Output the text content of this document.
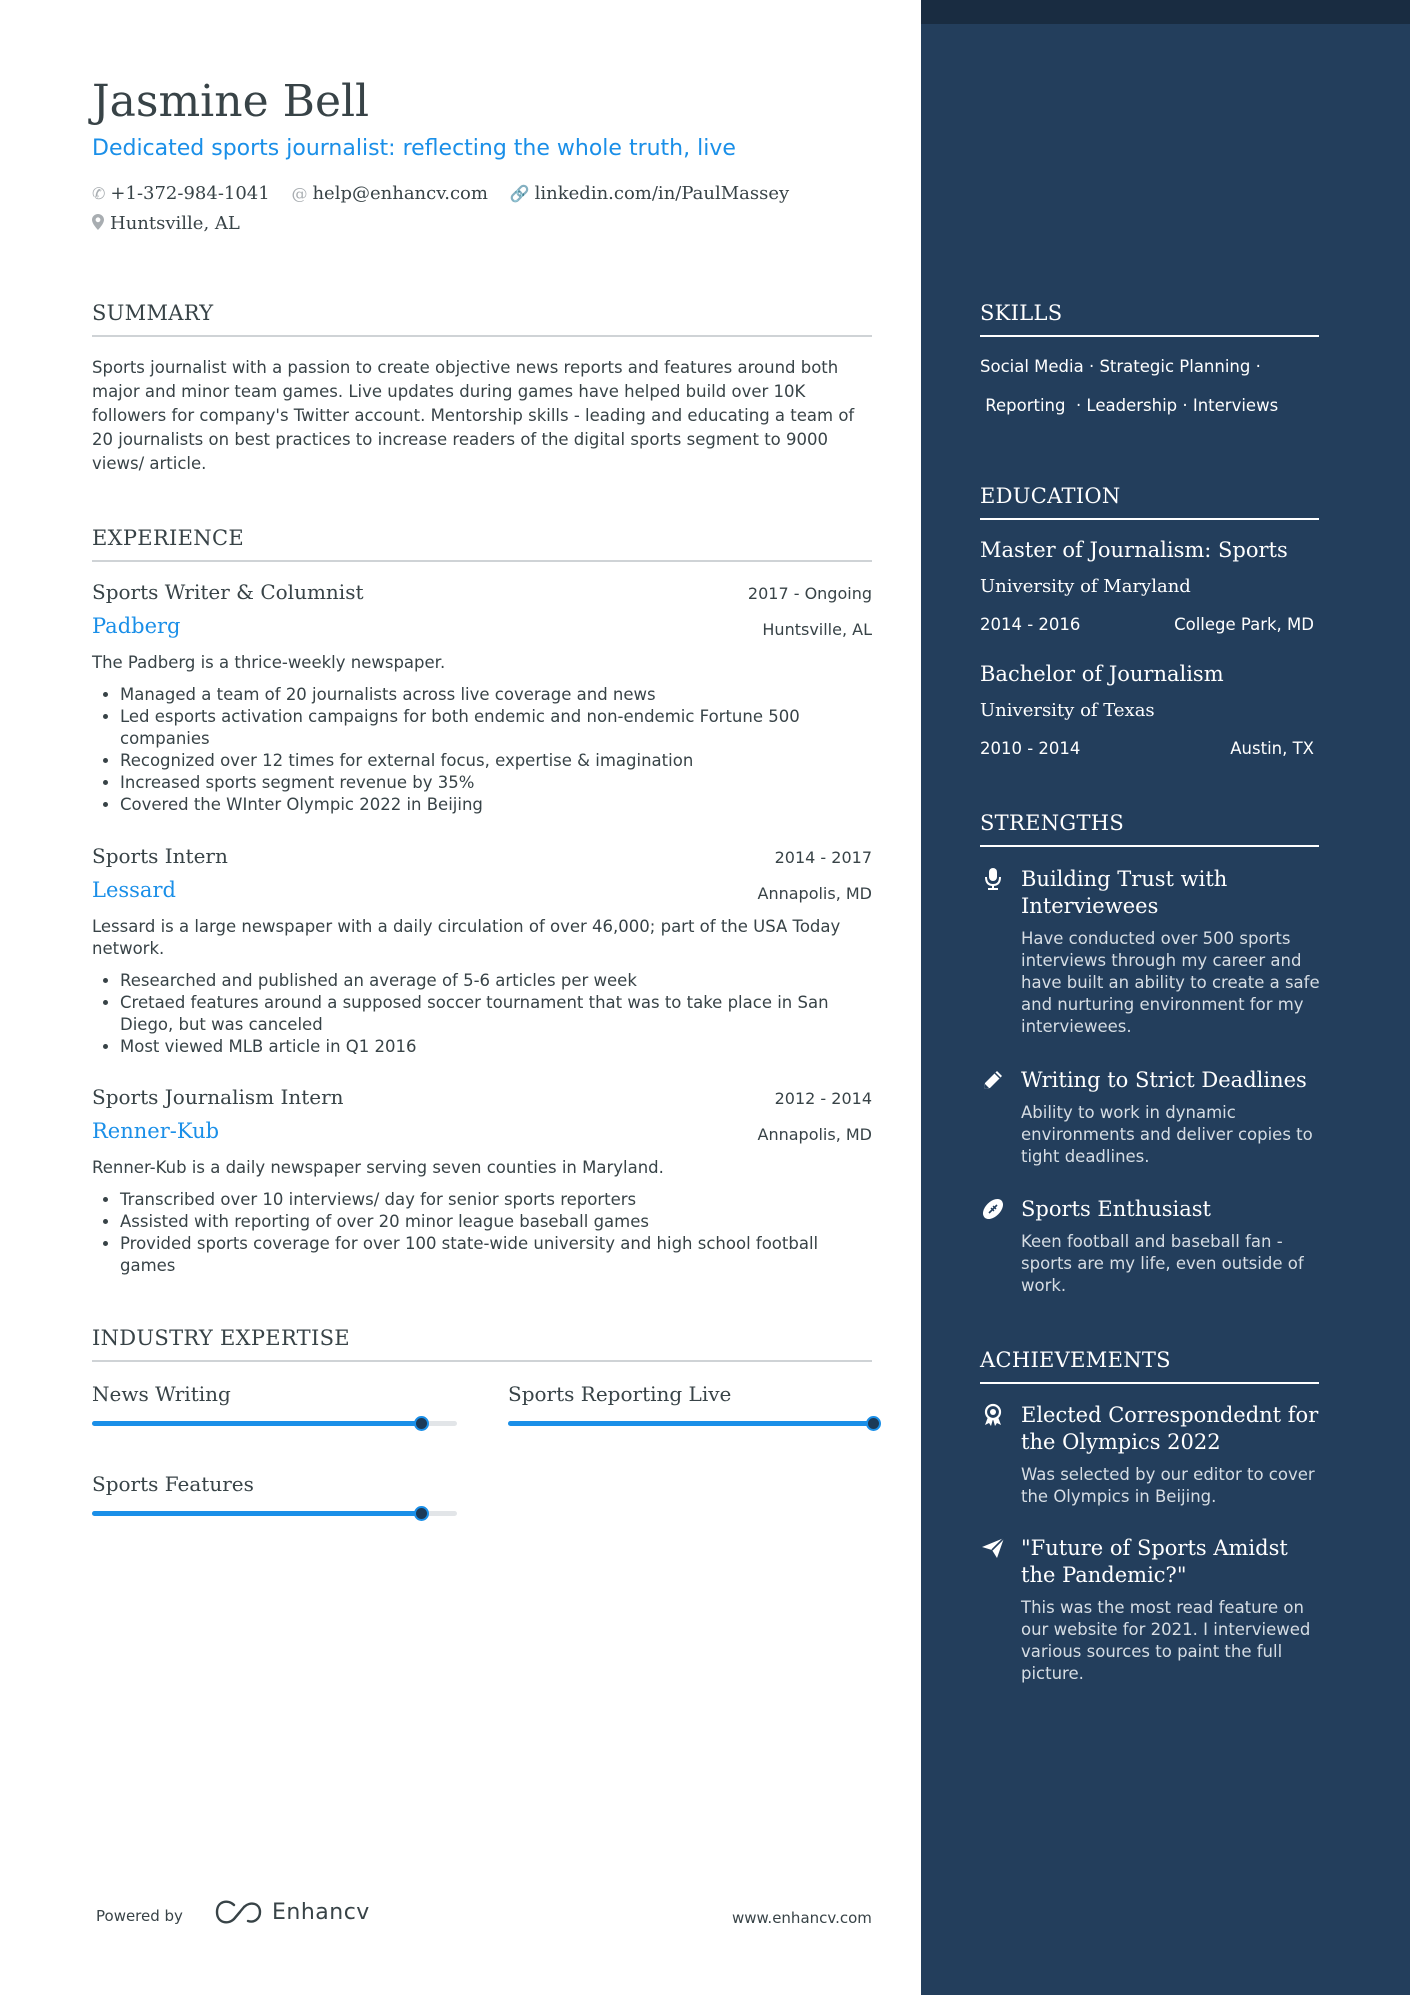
Jasmine Bell
Dedicated sports journalist: reflecting the whole truth, live
✆ +1-372-984-1041 @ help@enhancv.com 🔗 linkedin.com/in/PaulMassey
Huntsville, AL
SUMMARY
Sports journalist with a passion to create objective news reports and features around both major and minor team games. Live updates during games have helped build over 10K followers for company's Twitter account. Mentorship skills - leading and educating a team of 20 journalists on best practices to increase readers of the digital sports segment to 9000 views/ article.
EXPERIENCE
Sports Writer & Columnist	2017 - Ongoing
Padberg	Huntsville, AL
The Padberg is a thrice-weekly newspaper.
• Managed a team of 20 journalists across live coverage and news
• Led esports activation campaigns for both endemic and non-endemic Fortune 500 companies
• Recognized over 12 times for external focus, expertise & imagination
• Increased sports segment revenue by 35%
• Covered the WInter Olympic 2022 in Beijing
Sports Intern	2014 - 2017
Lessard	Annapolis, MD
Lessard is a large newspaper with a daily circulation of over 46,000; part of the USA Today network.
• Researched and published an average of 5-6 articles per week
• Cretaed features around a supposed soccer tournament that was to take place in San Diego, but was canceled
• Most viewed MLB article in Q1 2016
Sports Journalism Intern	2012 - 2014
Renner-Kub	Annapolis, MD
Renner-Kub is a daily newspaper serving seven counties in Maryland.
• Transcribed over 10 interviews/ day for senior sports reporters
• Assisted with reporting of over 20 minor league baseball games
• Provided sports coverage for over 100 state-wide university and high school football games
INDUSTRY EXPERTISE
News Writing	Sports Reporting Live
Sports Features
Powered by	Enhancv	www.enhancv.com
SKILLS
Social Media · Strategic Planning ·
Reporting  · Leadership · Interviews
EDUCATION
Master of Journalism: Sports
University of Maryland
2014 - 2016	College Park, MD
Bachelor of Journalism
University of Texas
2010 - 2014	Austin, TX
STRENGTHS
Building Trust with Interviewees
Have conducted over 500 sports interviews through my career and have built an ability to create a safe and nurturing environment for my interviewees.
Writing to Strict Deadlines
Ability to work in dynamic environments and deliver copies to tight deadlines.
Sports Enthusiast
Keen football and baseball fan - sports are my life, even outside of work.
ACHIEVEMENTS
Elected Correspondednt for the Olympics 2022
Was selected by our editor to cover the Olympics in Beijing.
"Future of Sports Amidst the Pandemic?"
This was the most read feature on our website for 2021. I interviewed various sources to paint the full picture.
